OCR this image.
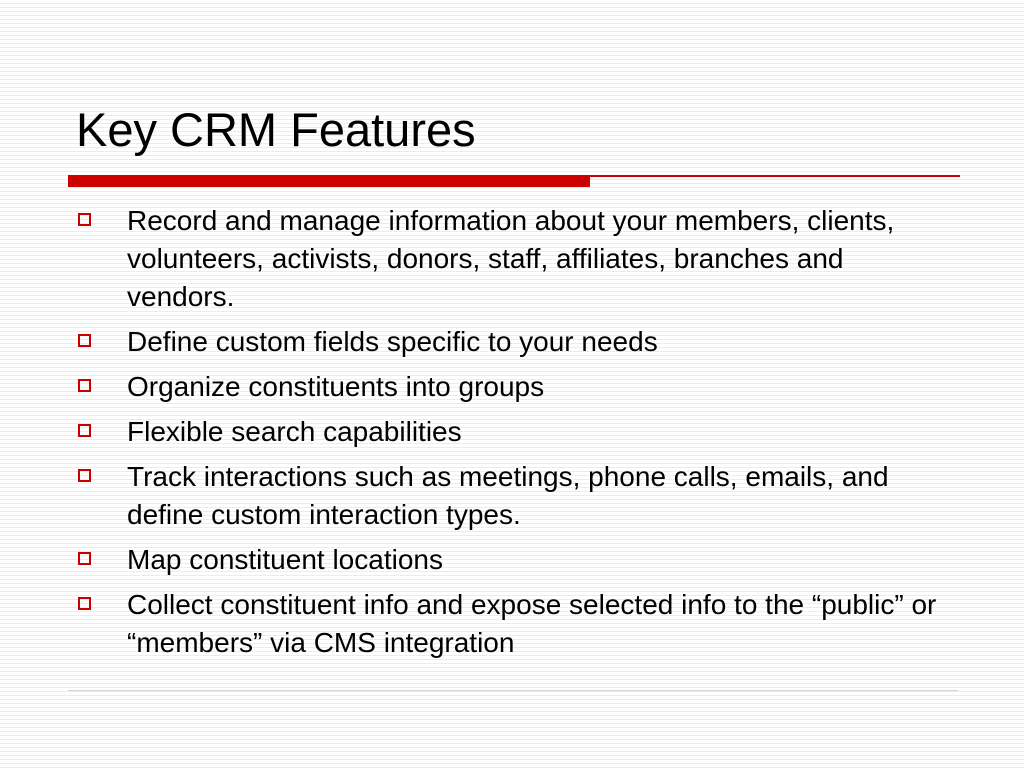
Key CRM Features
Record and manage information about your members, clients, volunteers, activists, donors, staff, affiliates, branches and vendors.
Define custom fields specific to your needs
Organize constituents into groups
Flexible search capabilities
Track interactions such as meetings, phone calls, emails, and define custom interaction types.
Map constituent locations
Collect constituent info and expose selected info to the “public” or “members” via CMS integration
